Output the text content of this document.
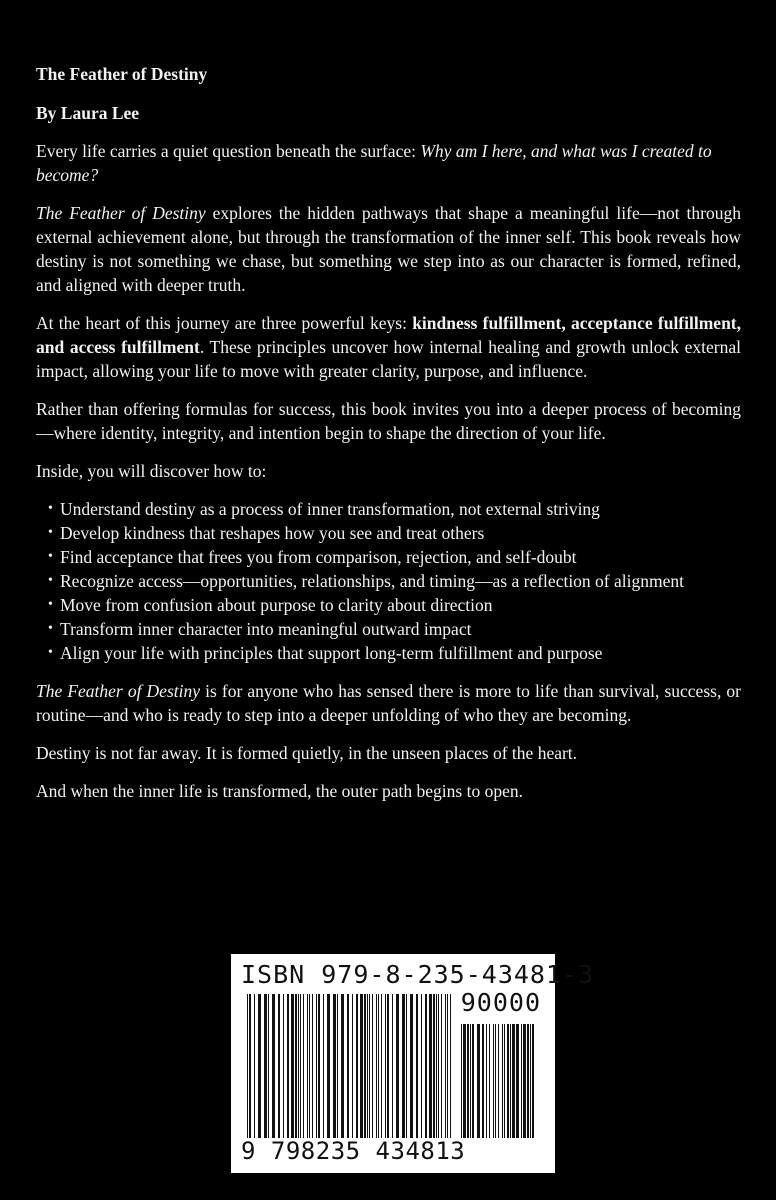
The Feather of Destiny
By Laura Lee

Every life carries a quiet question beneath the surface: Why am I here, and what was I created to become?

The Feather of Destiny explores the hidden pathways that shape a meaningful life—not through external achievement alone, but through the transformation of the inner self. This book reveals how destiny is not something we chase, but something we step into as our character is formed, refined, and aligned with deeper truth.

At the heart of this journey are three powerful keys: kindness fulfillment, acceptance fulfillment, and access fulfillment. These principles uncover how internal healing and growth unlock external impact, allowing your life to move with greater clarity, purpose, and influence.

Rather than offering formulas for success, this book invites you into a deeper process of becoming—where identity, integrity, and intention begin to shape the direction of your life.

Inside, you will discover how to:

• Understand destiny as a process of inner transformation, not external striving
• Develop kindness that reshapes how you see and treat others
• Find acceptance that frees you from comparison, rejection, and self-doubt
• Recognize access—opportunities, relationships, and timing—as a reflection of alignment
• Move from confusion about purpose to clarity about direction
• Transform inner character into meaningful outward impact
• Align your life with principles that support long-term fulfillment and purpose

The Feather of Destiny is for anyone who has sensed there is more to life than survival, success, or routine—and who is ready to step into a deeper unfolding of who they are becoming.

Destiny is not far away. It is formed quietly, in the unseen places of the heart.

And when the inner life is transformed, the outer path begins to open.

ISBN 979-8-235-43481-3
90000
9 798235 434813
